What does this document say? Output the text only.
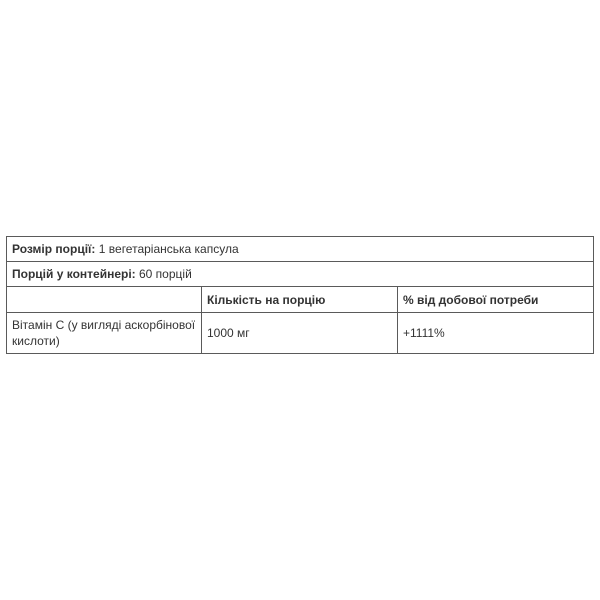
Розмір порції: 1 вегетаріанська капсула		
Порцій у контейнері: 60 порцій		
	Кількість на порцію	% від добової потреби
Вітамін С (у вигляді аскорбінової кислоти)	1000 мг	+1111%
